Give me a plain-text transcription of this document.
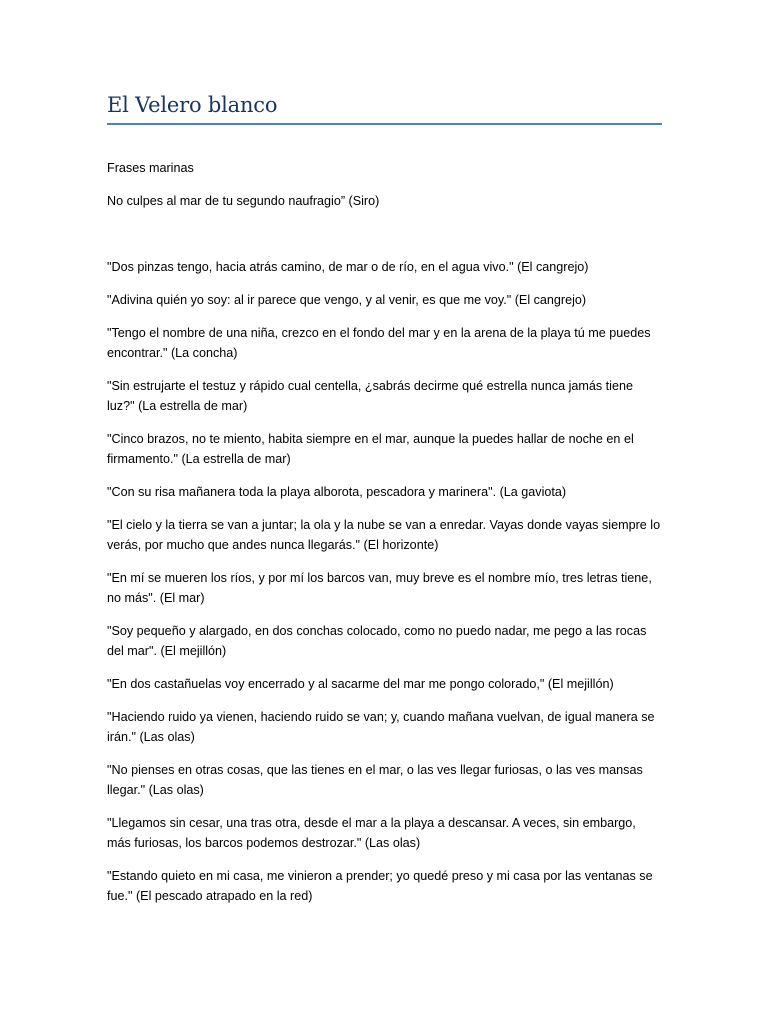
El Velero blanco

Frases marinas

No culpes al mar de tu segundo naufragio” (Siro)

"Dos pinzas tengo, hacia atrás camino, de mar o de río, en el agua vivo." (El cangrejo)

"Adivina quién yo soy: al ir parece que vengo, y al venir, es que me voy." (El cangrejo)

"Tengo el nombre de una niña, crezco en el fondo del mar y en la arena de la playa tú me puedes encontrar." (La concha)

"Sin estrujarte el testuz y rápido cual centella, ¿sabrás decirme qué estrella nunca jamás tiene luz?" (La estrella de mar)

"Cinco brazos, no te miento, habita siempre en el mar, aunque la puedes hallar de noche en el firmamento." (La estrella de mar)

"Con su risa mañanera toda la playa alborota, pescadora y marinera". (La gaviota)

"El cielo y la tierra se van a juntar; la ola y la nube se van a enredar. Vayas donde vayas siempre lo verás, por mucho que andes nunca llegarás." (El horizonte)

"En mí se mueren los ríos, y por mí los barcos van, muy breve es el nombre mío, tres letras tiene, no más". (El mar)

"Soy pequeño y alargado, en dos conchas colocado, como no puedo nadar, me pego a las rocas del mar". (El mejillón)

"En dos castañuelas voy encerrado y al sacarme del mar me pongo colorado," (El mejillón)

"Haciendo ruido ya vienen, haciendo ruido se van; y, cuando mañana vuelvan, de igual manera se irán." (Las olas)

"No pienses en otras cosas, que las tienes en el mar, o las ves llegar furiosas, o las ves mansas llegar." (Las olas)

"Llegamos sin cesar, una tras otra, desde el mar a la playa a descansar. A veces, sin embargo, más furiosas, los barcos podemos destrozar." (Las olas)

"Estando quieto en mi casa, me vinieron a prender; yo quedé preso y mi casa por las ventanas se fue." (El pescado atrapado en la red)
